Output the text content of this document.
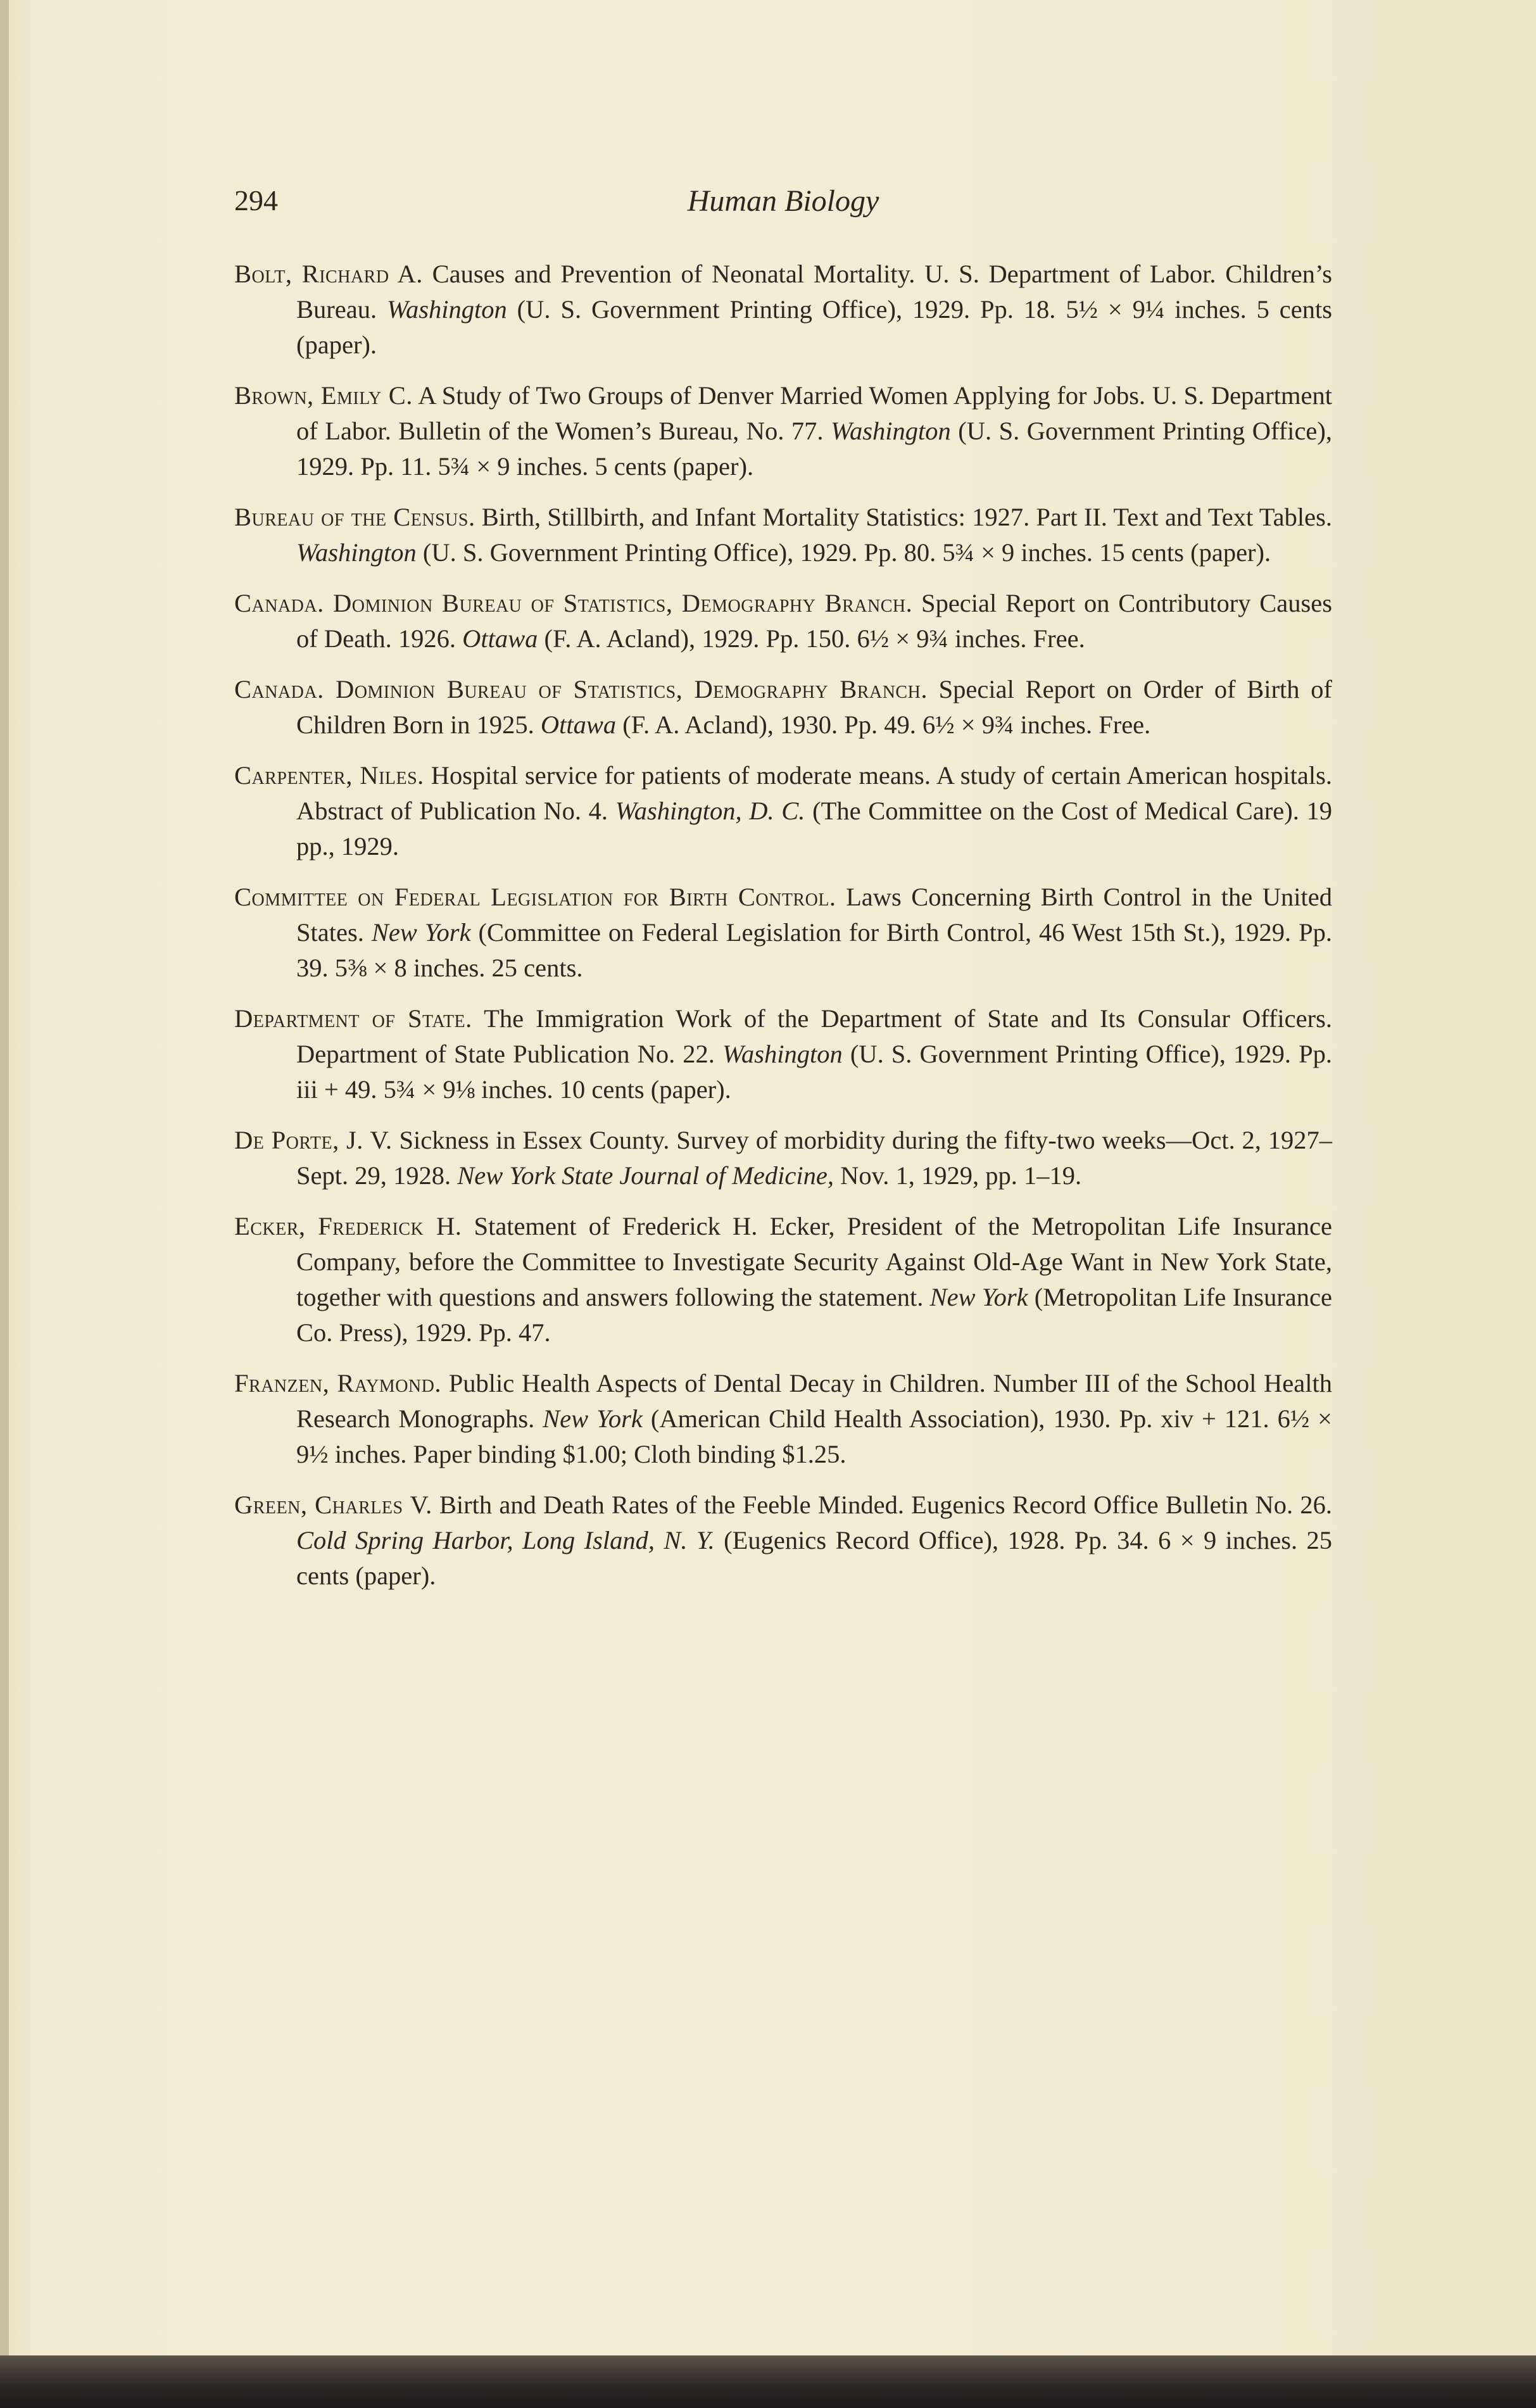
294	Human Biology

Bolt, Richard A. Causes and Prevention of Neonatal Mortality. U. S. Department of Labor. Children’s Bureau. Washington (U. S. Government Printing Office), 1929. Pp. 18. 5½ × 9¼ inches. 5 cents (paper).

Brown, Emily C. A Study of Two Groups of Denver Married Women Applying for Jobs. U. S. Department of Labor. Bulletin of the Women’s Bureau, No. 77. Washington (U. S. Government Printing Office), 1929. Pp. 11. 5¾ × 9 inches. 5 cents (paper).

Bureau of the Census. Birth, Stillbirth, and Infant Mortality Statistics: 1927. Part II. Text and Text Tables. Washington (U. S. Government Printing Office), 1929. Pp. 80. 5¾ × 9 inches. 15 cents (paper).

Canada. Dominion Bureau of Statistics, Demography Branch. Special Report on Contributory Causes of Death. 1926. Ottawa (F. A. Acland), 1929. Pp. 150. 6½ × 9¾ inches. Free.

Canada. Dominion Bureau of Statistics, Demography Branch. Special Report on Order of Birth of Children Born in 1925. Ottawa (F. A. Acland), 1930. Pp. 49. 6½ × 9¾ inches. Free.

Carpenter, Niles. Hospital service for patients of moderate means. A study of certain American hospitals. Abstract of Publication No. 4. Washington, D. C. (The Committee on the Cost of Medical Care). 19 pp., 1929.

Committee on Federal Legislation for Birth Control. Laws Concerning Birth Control in the United States. New York (Committee on Federal Legislation for Birth Control, 46 West 15th St.), 1929. Pp. 39. 5⅜ × 8 inches. 25 cents.

Department of State. The Immigration Work of the Department of State and Its Consular Officers. Department of State Publication No. 22. Washington (U. S. Government Printing Office), 1929. Pp. iii + 49. 5¾ × 9⅛ inches. 10 cents (paper).

De Porte, J. V. Sickness in Essex County. Survey of morbidity during the fifty-two weeks—Oct. 2, 1927–Sept. 29, 1928. New York State Journal of Medicine, Nov. 1, 1929, pp. 1–19.

Ecker, Frederick H. Statement of Frederick H. Ecker, President of the Metropolitan Life Insurance Company, before the Committee to Investigate Security Against Old-Age Want in New York State, together with questions and answers following the statement. New York (Metropolitan Life Insurance Co. Press), 1929. Pp. 47.

Franzen, Raymond. Public Health Aspects of Dental Decay in Children. Number III of the School Health Research Monographs. New York (American Child Health Association), 1930. Pp. xiv + 121. 6½ × 9½ inches. Paper binding $1.00; Cloth binding $1.25.

Green, Charles V. Birth and Death Rates of the Feeble Minded. Eugenics Record Office Bulletin No. 26. Cold Spring Harbor, Long Island, N. Y. (Eugenics Record Office), 1928. Pp. 34. 6 × 9 inches. 25 cents (paper).
